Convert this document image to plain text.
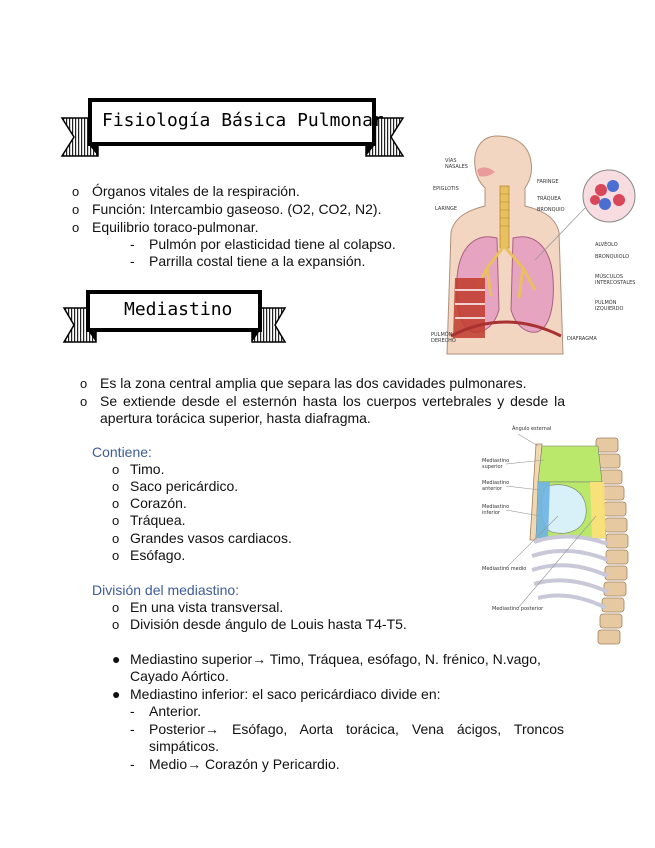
Fisiología Básica Pulmonar
o Órganos vitales de la respiración.
o Función: Intercambio gaseoso. (O2, CO2, N2).
o Equilibrio toraco-pulmonar.
- Pulmón por elasticidad tiene al colapso.
- Parrilla costal tiene a la expansión.
VÍAS NASALES
EPIGLOTIS
LARINGE
FARINGE
TRÁQUEA
BRONQUIO
ALVÉOLO
BRONQUIOLO
MÚSCULOS INTERCOSTALES
PULMÓN IZQUIERDO
PULMÓN DERECHO	DIAFRAGMA
Mediastino
o Es la zona central amplia que separa las dos cavidades pulmonares.
o Se extiende desde el esternón hasta los cuerpos vertebrales y desde la apertura torácica superior, hasta diafragma.
Contiene:
o Timo.
o Saco pericárdico.
o Corazón.
o Tráquea.
o Grandes vasos cardiacos.
o Esófago.
División del mediastino:
o En una vista transversal.
o División desde ángulo de Louis hasta T4-T5.
● Mediastino superior→ Timo, Tráquea, esófago, N. frénico, N.vago, Cayado Aórtico.
● Mediastino inferior: el saco pericárdiaco divide en:
- Anterior.
- Posterior→ Esófago, Aorta torácica, Vena ácigos, Troncos simpáticos.
- Medio→ Corazón y Pericardio.
Ángulo esternal
Mediastino superior
Mediastino anterior
Mediastino inferior
Mediastino medio
Mediastino posterior
